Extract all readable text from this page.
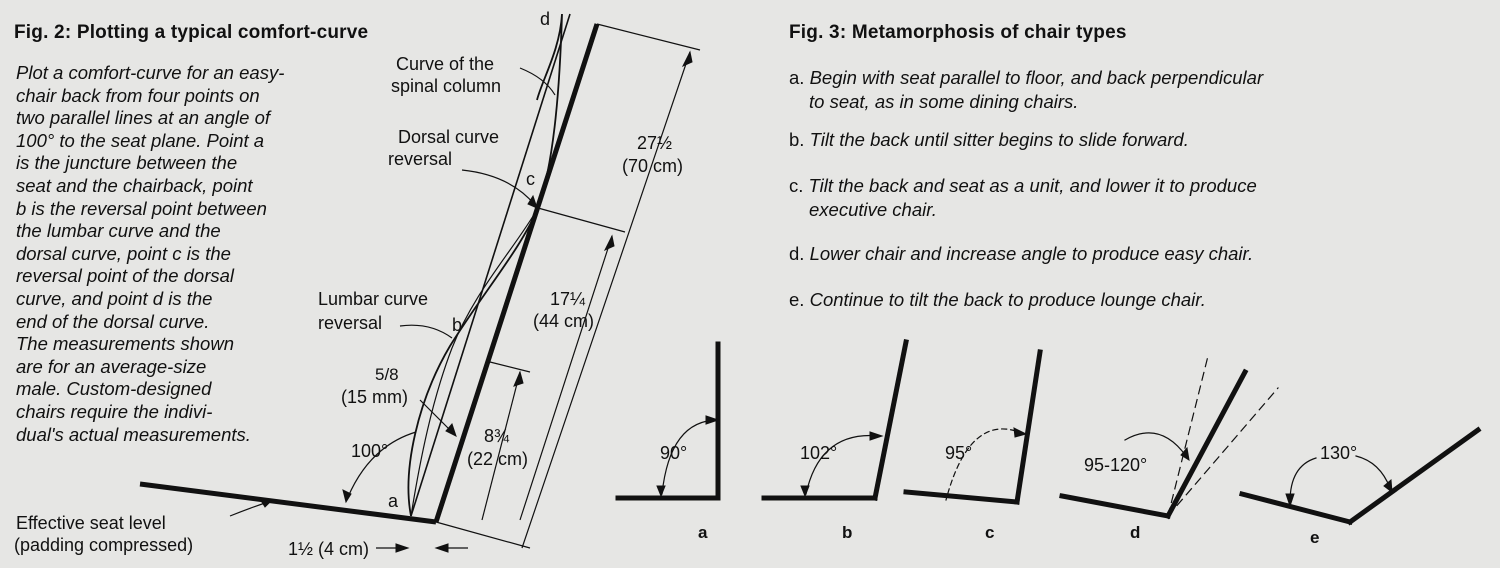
Fig. 2: Plotting a typical comfort-curve
Plot a comfort-curve for an easy-
chair back from four points on
two parallel lines at an angle of
100° to the seat plane. Point a
is the juncture between the
seat and the chairback, point
b is the reversal point between
the lumbar curve and the
dorsal curve, point c is the
reversal point of the dorsal
curve, and point d is the
end of the dorsal curve.
The measurements shown
are for an average-size
male. Custom-designed
chairs require the indivi-
dual's actual measurements.
Curve of the
spinal column
Dorsal curve
reversal
Lumbar curve
reversal
Effective seat level
(padding compressed)
100°
5/8
(15 mm)
1½ (4 cm)
8¾
(22 cm)
17¼
(44 cm)
27½
(70 cm)
a
b
c
d
Fig. 3: Metamorphosis of chair types
a. Begin with seat parallel to floor, and back perpendicular
to seat, as in some dining chairs.
b. Tilt the back until sitter begins to slide forward.
c. Tilt the back and seat as a unit, and lower it to produce
executive chair.
d. Lower chair and increase angle to produce easy chair.
e. Continue to tilt the back to produce lounge chair.
90°	102°	95°
95-120°
130°
a	b	c	d	e
